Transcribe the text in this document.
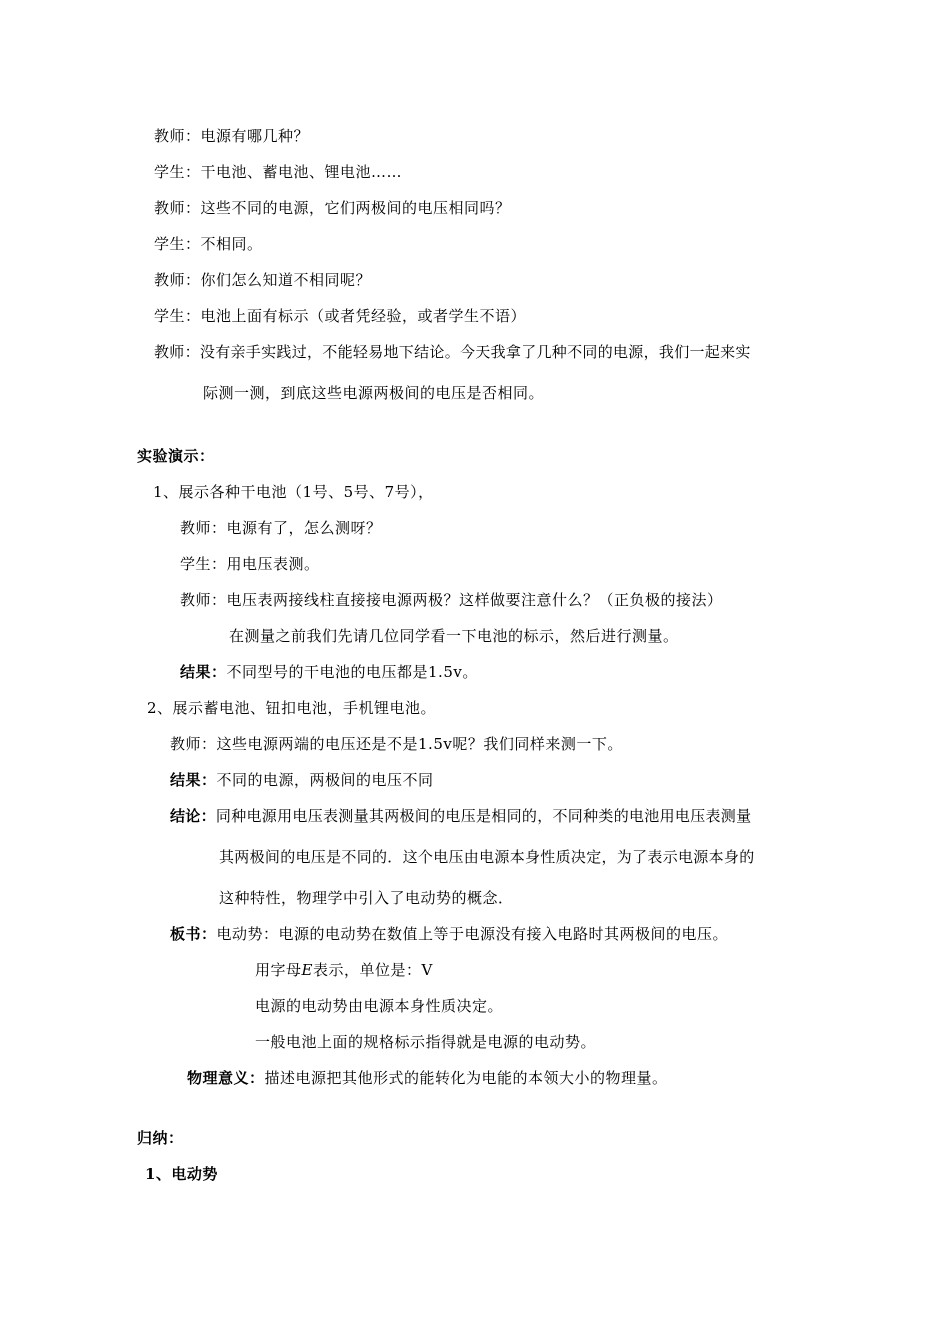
教师：电源有哪几种？
学生：干电池、蓄电池、锂电池……
教师：这些不同的电源，它们两极间的电压相同吗？
学生：不相同。
教师：你们怎么知道不相同呢？
学生：电池上面有标示（或者凭经验，或者学生不语）
教师：没有亲手实践过，不能轻易地下结论。今天我拿了几种不同的电源，我们一起来实
际测一测，到底这些电源两极间的电压是否相同。
实验演示：
1、展示各种干电池（1号、5号、7号），
教师：电源有了，怎么测呀？
学生：用电压表测。
教师：电压表两接线柱直接接电源两极？这样做要注意什么？（正负极的接法）
在测量之前我们先请几位同学看一下电池的标示，然后进行测量。
结果：不同型号的干电池的电压都是1.5v。
2、展示蓄电池、钮扣电池，手机锂电池。
教师：这些电源两端的电压还是不是1.5v呢？我们同样来测一下。
结果：不同的电源，两极间的电压不同
结论：同种电源用电压表测量其两极间的电压是相同的，不同种类的电池用电压表测量
其两极间的电压是不同的．这个电压由电源本身性质决定，为了表示电源本身的
这种特性，物理学中引入了电动势的概念．
板书：电动势：电源的电动势在数值上等于电源没有接入电路时其两极间的电压。
用字母E表示，单位是：V
电源的电动势由电源本身性质决定。
一般电池上面的规格标示指得就是电源的电动势。
物理意义：描述电源把其他形式的能转化为电能的本领大小的物理量。
归纳：
1、电动势
